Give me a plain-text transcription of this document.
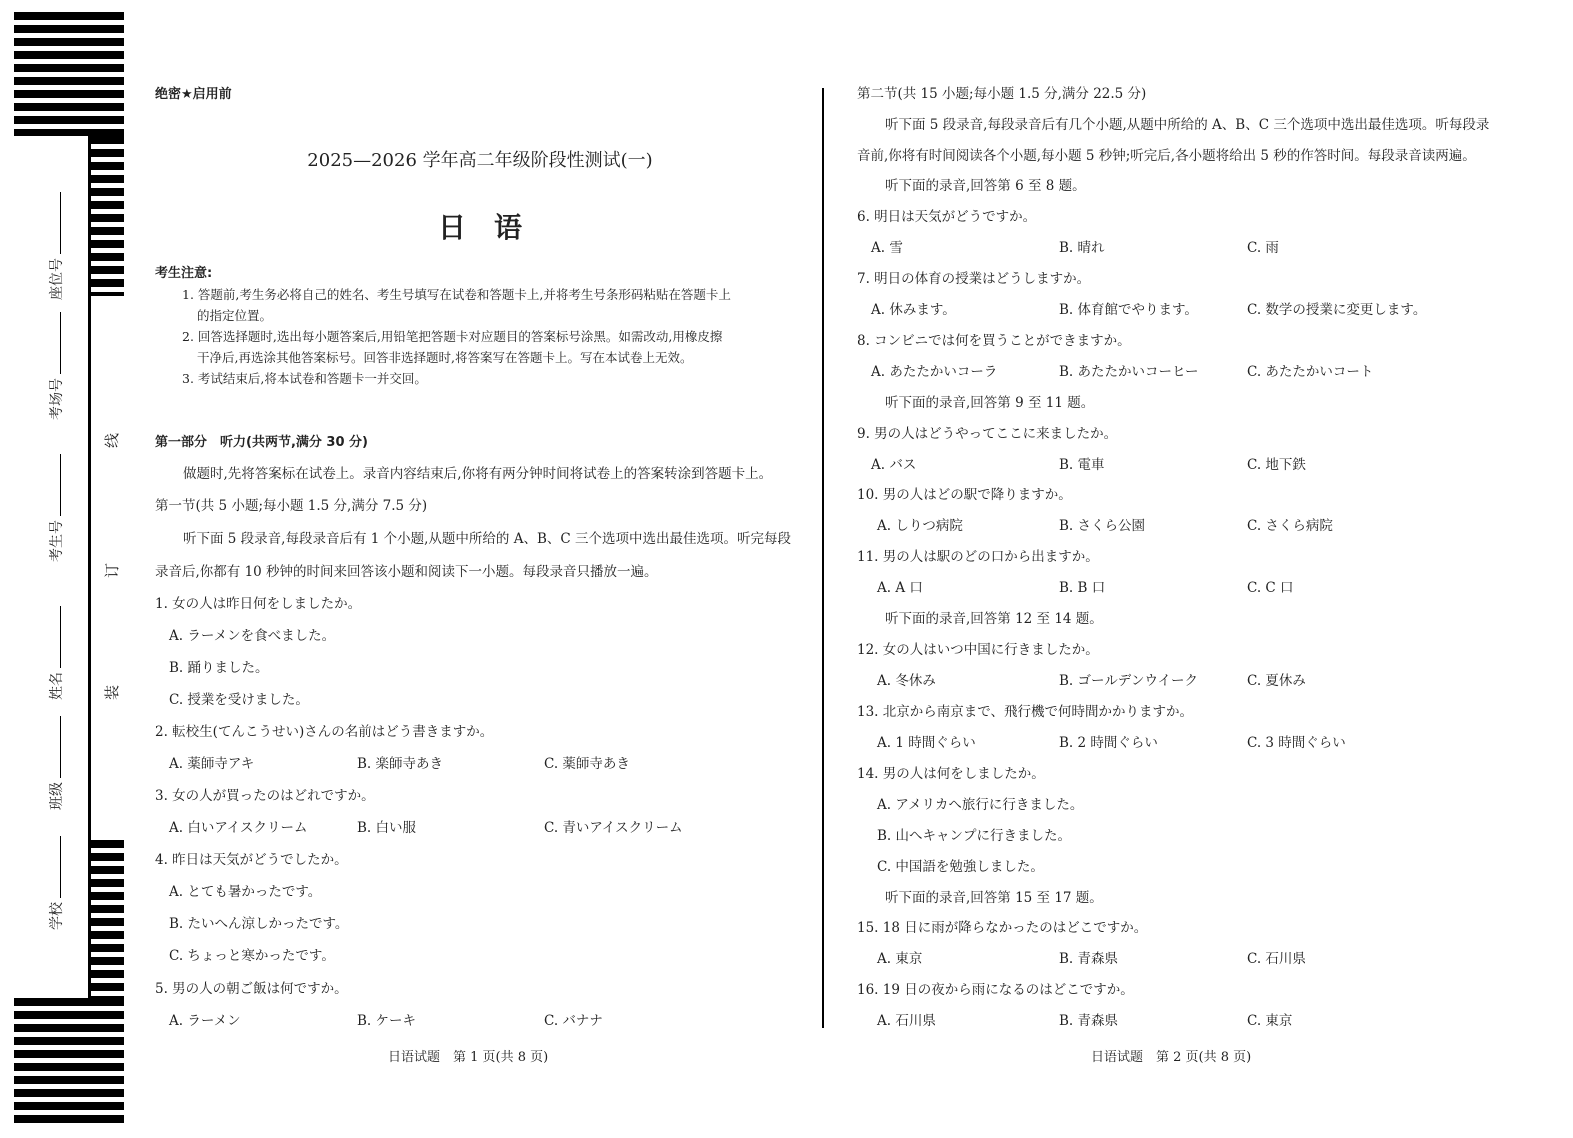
座位号
考场号
考生号
姓名
班级
学校
线
订
装
绝密★启用前
2025—2026 学年高二年级阶段性测试(一)
日　语
考生注意:
1. 答题前,考生务必将自己的姓名、考生号填写在试卷和答题卡上,并将考生号条形码粘贴在答题卡上
的指定位置。
2. 回答选择题时,选出每小题答案后,用铅笔把答题卡对应题目的答案标号涂黑。如需改动,用橡皮擦
干净后,再选涂其他答案标号。回答非选择题时,将答案写在答题卡上。写在本试卷上无效。
3. 考试结束后,将本试卷和答题卡一并交回。
第一部分　听力(共两节,满分 30 分)
做题时,先将答案标在试卷上。录音内容结束后,你将有两分钟时间将试卷上的答案转涂到答题卡上。
第一节(共 5 小题;每小题 1.5 分,满分 7.5 分)
听下面 5 段录音,每段录音后有 1 个小题,从题中所给的 A、B、C 三个选项中选出最佳选项。听完每段
录音后,你都有 10 秒钟的时间来回答该小题和阅读下一小题。每段录音只播放一遍。
1. 女の人は昨日何をしましたか。
A. ラーメンを食べました。
B. 踊りました。
C. 授業を受けました。
2. 転校生(てんこうせい)さんの名前はどう書きますか。
A. 薬師寺アキ	B. 楽師寺あき	C. 薬師寺あき
3. 女の人が買ったのはどれですか。
A. 白いアイスクリーム	B. 白い服	C. 青いアイスクリーム
4. 昨日は天気がどうでしたか。
A. とても暑かったです。
B. たいへん涼しかったです。
C. ちょっと寒かったです。
5. 男の人の朝ご飯は何ですか。
A. ラーメン	B. ケーキ	C. バナナ
日语试题　第 1 页(共 8 页)
第二节(共 15 小题;每小题 1.5 分,满分 22.5 分)
听下面 5 段录音,每段录音后有几个小题,从题中所给的 A、B、C 三个选项中选出最佳选项。听每段录
音前,你将有时间阅读各个小题,每小题 5 秒钟;听完后,各小题将给出 5 秒的作答时间。每段录音读两遍。
听下面的录音,回答第 6 至 8 题。
6. 明日は天気がどうですか。
A. 雪	B. 晴れ	C. 雨
7. 明日の体育の授業はどうしますか。
A. 休みます。	B. 体育館でやります。	C. 数学の授業に変更します。
8. コンビニでは何を買うことができますか。
A. あたたかいコーラ	B. あたたかいコーヒー	C. あたたかいコート
听下面的录音,回答第 9 至 11 题。
9. 男の人はどうやってここに来ましたか。
A. バス	B. 電車	C. 地下鉄
10. 男の人はどの駅で降りますか。
A. しりつ病院	B. さくら公園	C. さくら病院
11. 男の人は駅のどの口から出ますか。
A. A 口	B. B 口	C. C 口
听下面的录音,回答第 12 至 14 题。
12. 女の人はいつ中国に行きましたか。
A. 冬休み	B. ゴールデンウイーク	C. 夏休み
13. 北京から南京まで、飛行機で何時間かかりますか。
A. 1 時間ぐらい	B. 2 時間ぐらい	C. 3 時間ぐらい
14. 男の人は何をしましたか。
A. アメリカへ旅行に行きました。
B. 山へキャンプに行きました。
C. 中国語を勉強しました。
听下面的录音,回答第 15 至 17 题。
15. 18 日に雨が降らなかったのはどこですか。
A. 東京	B. 青森県	C. 石川県
16. 19 日の夜から雨になるのはどこですか。
A. 石川県	B. 青森県	C. 東京
日语试题　第 2 页(共 8 页)
